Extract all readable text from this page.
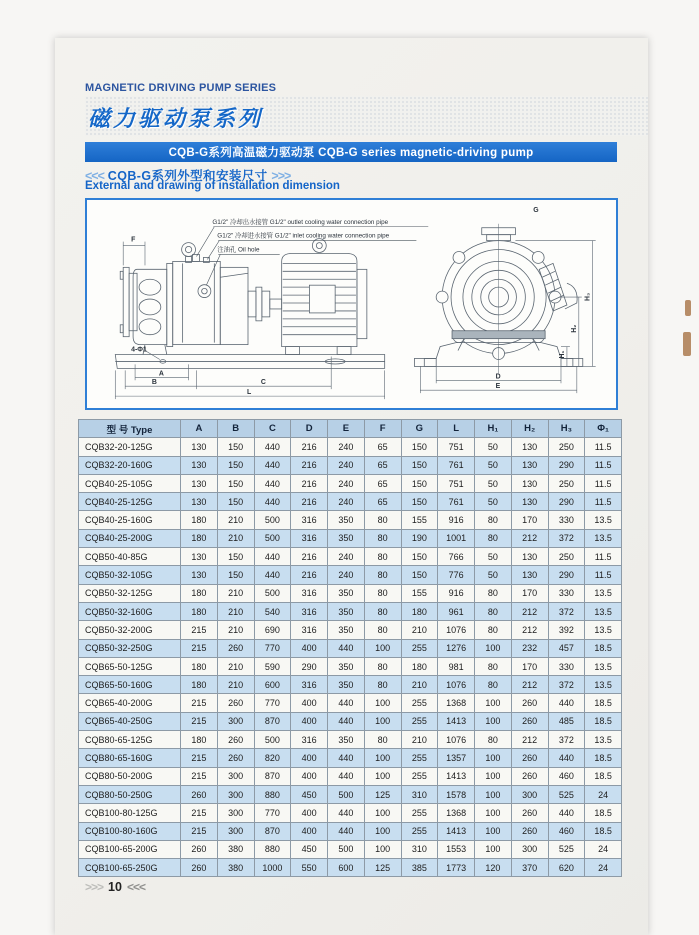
MAGNETIC DRIVING PUMP SERIES
磁力驱动泵系列
CQB-G系列高温磁力驱动泵 CQB-G series magnetic-driving pump
<<< CQB-G系列外型和安装尺寸 >>>
External and drawing of installation dimension
G1/2" 冷却出水接管 G1/2" outlet cooling water connection pipe
G1/2" 冷却进水接管 G1/2" inlet cooling water connection pipe
注油孔 Oil hole
F
4-Φ1
A
B	C
L
G
D
E
H₁
H₂
H₃
型 号 Type	A	B	C	D	E	F	G	L	H₁	H₂	H₃	Φ₁
CQB32-20-125G	130	150	440	216	240	65	150	751	50	130	250	11.5
CQB32-20-160G	130	150	440	216	240	65	150	761	50	130	290	11.5
CQB40-25-105G	130	150	440	216	240	65	150	751	50	130	250	11.5
CQB40-25-125G	130	150	440	216	240	65	150	761	50	130	290	11.5
CQB40-25-160G	180	210	500	316	350	80	155	916	80	170	330	13.5
CQB40-25-200G	180	210	500	316	350	80	190	1001	80	212	372	13.5
CQB50-40-85G	130	150	440	216	240	80	150	766	50	130	250	11.5
CQB50-32-105G	130	150	440	216	240	80	150	776	50	130	290	11.5
CQB50-32-125G	180	210	500	316	350	80	155	916	80	170	330	13.5
CQB50-32-160G	180	210	540	316	350	80	180	961	80	212	372	13.5
CQB50-32-200G	215	210	690	316	350	80	210	1076	80	212	392	13.5
CQB50-32-250G	215	260	770	400	440	100	255	1276	100	232	457	18.5
CQB65-50-125G	180	210	590	290	350	80	180	981	80	170	330	13.5
CQB65-50-160G	180	210	600	316	350	80	210	1076	80	212	372	13.5
CQB65-40-200G	215	260	770	400	440	100	255	1368	100	260	440	18.5
CQB65-40-250G	215	300	870	400	440	100	255	1413	100	260	485	18.5
CQB80-65-125G	180	260	500	316	350	80	210	1076	80	212	372	13.5
CQB80-65-160G	215	260	820	400	440	100	255	1357	100	260	440	18.5
CQB80-50-200G	215	300	870	400	440	100	255	1413	100	260	460	18.5
CQB80-50-250G	260	300	880	450	500	125	310	1578	100	300	525	24
CQB100-80-125G	215	300	770	400	440	100	255	1368	100	260	440	18.5
CQB100-80-160G	215	300	870	400	440	100	255	1413	100	260	460	18.5
CQB100-65-200G	260	380	880	450	500	100	310	1553	100	300	525	24
CQB100-65-250G	260	380	1000	550	600	125	385	1773	120	370	620	24
>>> 10 <<<
